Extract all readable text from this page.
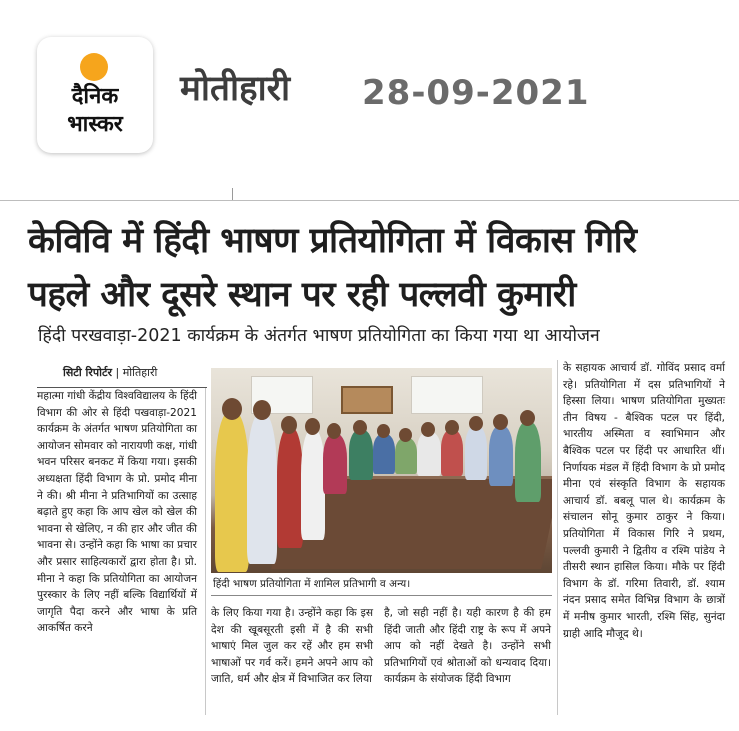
दैनिक
भास्कर
मोतीहारी 28-09-2021
केविवि में हिंदी भाषण प्रतियोगिता में विकास गिरि
पहले और दूसरे स्थान पर रही पल्लवी कुमारी
हिंदी परखवाड़ा-2021 कार्यक्रम के अंतर्गत भाषण प्रतियोगिता का किया गया था आयोजन
सिटी रिपोर्टर | मोतिहारी

महात्मा गांधी केंद्रीय विश्वविद्यालय के हिंदी विभाग की ओर से हिंदी पखवाड़ा-2021 कार्यक्रम के अंतर्गत भाषण प्रतियोगिता का आयोजन सोमवार को नारायणी कक्ष, गांधी भवन परिसर बनकट में किया गया। इसकी अध्यक्षता हिंदी विभाग के प्रो. प्रमोद मीना ने की। श्री मीना ने प्रतिभागियों का उत्साह बढ़ाते हुए कहा कि आप खेल को खेल की भावना से खेलिए, न की हार और जीत की भावना से। उन्होंने कहा कि भाषा का प्रचार और प्रसार साहित्यकारों द्वारा होता है। प्रो. मीना ने कहा कि प्रतियोगिता का आयोजन पुरस्कार के लिए नहीं बल्कि विद्यार्थियों में जागृति पैदा करने और भाषा के प्रति आकर्षित करने

हिंदी भाषण प्रतियोगिता में शामिल प्रतिभागी व अन्य।

के लिए किया गया है। उन्होंने कहा कि इस देश की खूबसूरती इसी में है की सभी भाषाएं मिल जुल कर रहें और हम सभी भाषाओं पर गर्व करें। हमने अपने आप को जाति, धर्म और क्षेत्र में विभाजित कर लिया

है, जो सही नहीं है। यही कारण है की हम हिंदी जाती और हिंदी राष्ट्र के रूप में अपने आप को नहीं देखते है। उन्होंने सभी प्रतिभागियों एवं श्रोताओं को धन्यवाद दिया। कार्यक्रम के संयोजक हिंदी विभाग

के सहायक आचार्य डॉ. गोविंद प्रसाद वर्मा रहे। प्रतियोगिता में दस प्रतिभागियों ने हिस्सा लिया। भाषण प्रतियोगिता मुख्यतः तीन विषय - बैश्विक पटल पर हिंदी, भारतीय अस्मिता व स्वाभिमान और बैश्विक पटल पर हिंदी पर आधारित थीं। निर्णायक मंडल में हिंदी विभाग के प्रो प्रमोद मीना एवं संस्कृति विभाग के सहायक आचार्य डॉ. बबलू पाल थे। कार्यक्रम के संचालन सोनू कुमार ठाकुर ने किया। प्रतियोगिता में विकास गिरि ने प्रथम, पल्लवी कुमारी ने द्वितीय व रश्मि पांडेय ने तीसरी स्थान हासिल किया। मौके पर हिंदी विभाग के डॉ. गरिमा तिवारी, डॉ. श्याम नंदन प्रसाद समेत विभिन्न विभाग के छात्रों में मनीष कुमार भारती, रश्मि सिंह, सुनंदा ग्राही आदि मौजूद थे।
